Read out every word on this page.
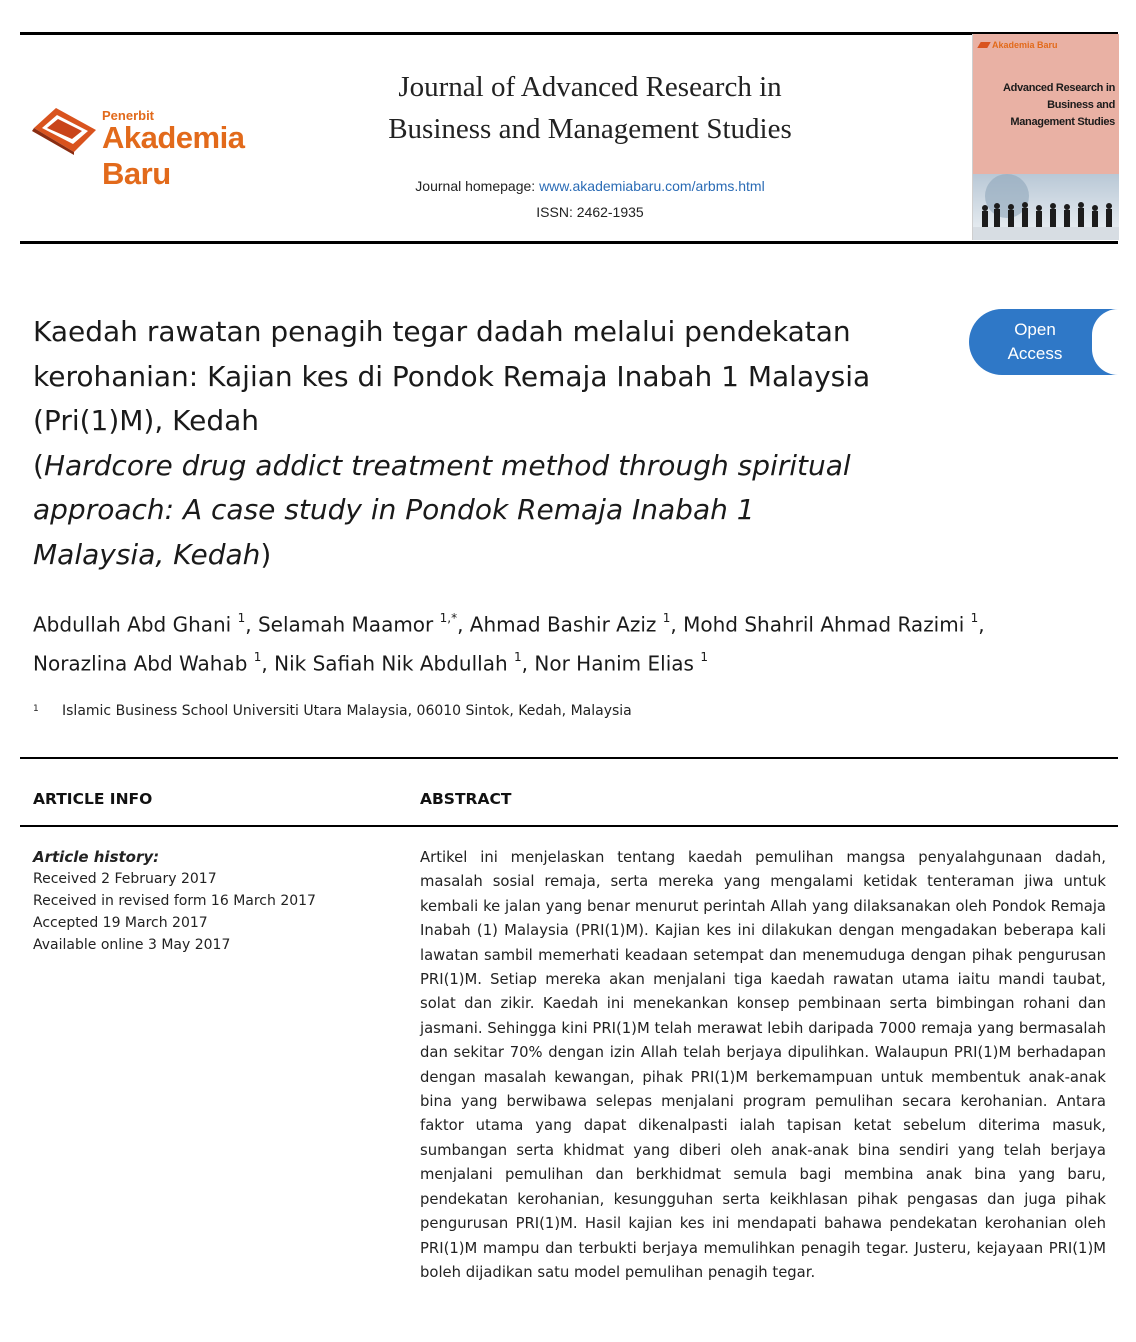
Penerbit
Akademia Baru
Journal of Advanced Research in
Business and Management Studies
Journal homepage: www.akademiabaru.com/arbms.html
ISSN: 2462-1935
Akademia Baru
Advanced Research in
Business and
Management Studies
Kaedah rawatan penagih tegar dadah melalui pendekatan
kerohanian: Kajian kes di Pondok Remaja Inabah 1 Malaysia
(Pri(1)M), Kedah
(Hardcore drug addict treatment method through spiritual
approach: A case study in Pondok Remaja Inabah 1
Malaysia, Kedah)
Open
Access
Abdullah Abd Ghani $^1$, Selamah Maamor $^{1,*}$, Ahmad Bashir Aziz $^1$, Mohd Shahril Ahmad Razimi $^1$,
Norazlina Abd Wahab $^1$, Nik Safiah Nik Abdullah $^1$, Nor Hanim Elias $^1$
1 Islamic Business School Universiti Utara Malaysia, 06010 Sintok, Kedah, Malaysia
ARTICLE INFO	ABSTRACT
Article history:
Received 2 February 2017
Received in revised form 16 March 2017
Accepted 19 March 2017
Available online 3 May 2017
Artikel ini menjelaskan tentang kaedah pemulihan mangsa penyalahgunaan dadah, masalah sosial remaja, serta mereka yang mengalami ketidak tenteraman jiwa untuk kembali ke jalan yang benar menurut perintah Allah yang dilaksanakan oleh Pondok Remaja Inabah (1) Malaysia (PRI(1)M). Kajian kes ini dilakukan dengan mengadakan beberapa kali lawatan sambil memerhati keadaan setempat dan menemuduga dengan pihak pengurusan PRI(1)M. Setiap mereka akan menjalani tiga kaedah rawatan utama iaitu mandi taubat, solat dan zikir. Kaedah ini menekankan konsep pembinaan serta bimbingan rohani dan jasmani. Sehingga kini PRI(1)M telah merawat lebih daripada 7000 remaja yang bermasalah dan sekitar 70% dengan izin Allah telah berjaya dipulihkan. Walaupun PRI(1)M berhadapan dengan masalah kewangan, pihak PRI(1)M berkemampuan untuk membentuk anak-anak bina yang berwibawa selepas menjalani program pemulihan secara kerohanian. Antara faktor utama yang dapat dikenalpasti ialah tapisan ketat sebelum diterima masuk, sumbangan serta khidmat yang diberi oleh anak-anak bina sendiri yang telah berjaya menjalani pemulihan dan berkhidmat semula bagi membina anak bina yang baru, pendekatan kerohanian, kesungguhan serta keikhlasan pihak pengasas dan juga pihak pengurusan PRI(1)M. Hasil kajian kes ini mendapati bahawa pendekatan kerohanian oleh PRI(1)M mampu dan terbukti berjaya memulihkan penagih tegar. Justeru, kejayaan PRI(1)M boleh dijadikan satu model pemulihan penagih tegar.
